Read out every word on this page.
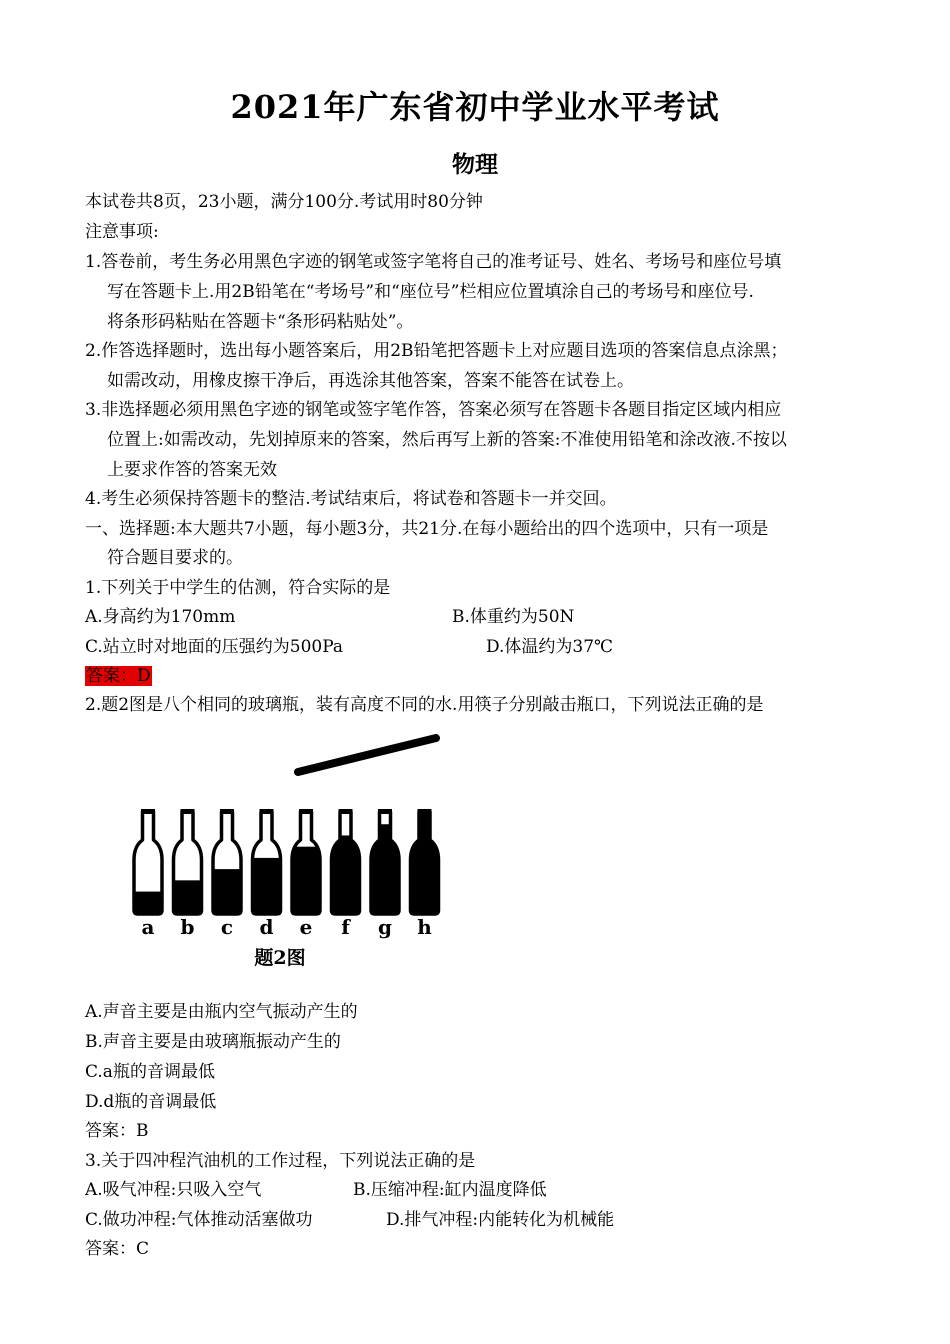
2021年广东省初中学业水平考试
物理
本试卷共8页，23小题，满分100分.考试用时80分钟
注意事项:
1.答卷前，考生务必用黑色字迹的钢笔或签字笔将自己的准考证号、姓名、考场号和座位号填
写在答题卡上.用2B铅笔在“考场号”和“座位号”栏相应位置填涂自己的考场号和座位号.
将条形码粘贴在答题卡“条形码粘贴处”。
2.作答选择题时，选出每小题答案后，用2B铅笔把答题卡上对应题目选项的答案信息点涂黑；
如需改动，用橡皮擦干净后，再选涂其他答案，答案不能答在试卷上。
3.非选择题必须用黑色字迹的钢笔或签字笔作答，答案必须写在答题卡各题目指定区域内相应
位置上:如需改动，先划掉原来的答案，然后再写上新的答案:不准使用铅笔和涂改液.不按以
上要求作答的答案无效
4.考生必须保持答题卡的整洁.考试结束后，将试卷和答题卡一并交回。
一、选择题:本大题共7小题，每小题3分，共21分.在每小题给出的四个选项中，只有一项是
符合题目要求的。
1.下列关于中学生的估测，符合实际的是
A.身高约为170mm	B.体重约为50N
C.站立时对地面的压强约为500Pa	D.体温约为37℃
答案：D
2.题2图是八个相同的玻璃瓶，装有高度不同的水.用筷子分别敲击瓶口，下列说法正确的是
a b c d e f g h
题2图
A.声音主要是由瓶内空气振动产生的
B.声音主要是由玻璃瓶振动产生的
C.a瓶的音调最低
D.d瓶的音调最低
答案：B
3.关于四冲程汽油机的工作过程，下列说法正确的是
A.吸气冲程:只吸入空气	B.压缩冲程:缸内温度降低
C.做功冲程:气体推动活塞做功	D.排气冲程:内能转化为机械能
答案：C
